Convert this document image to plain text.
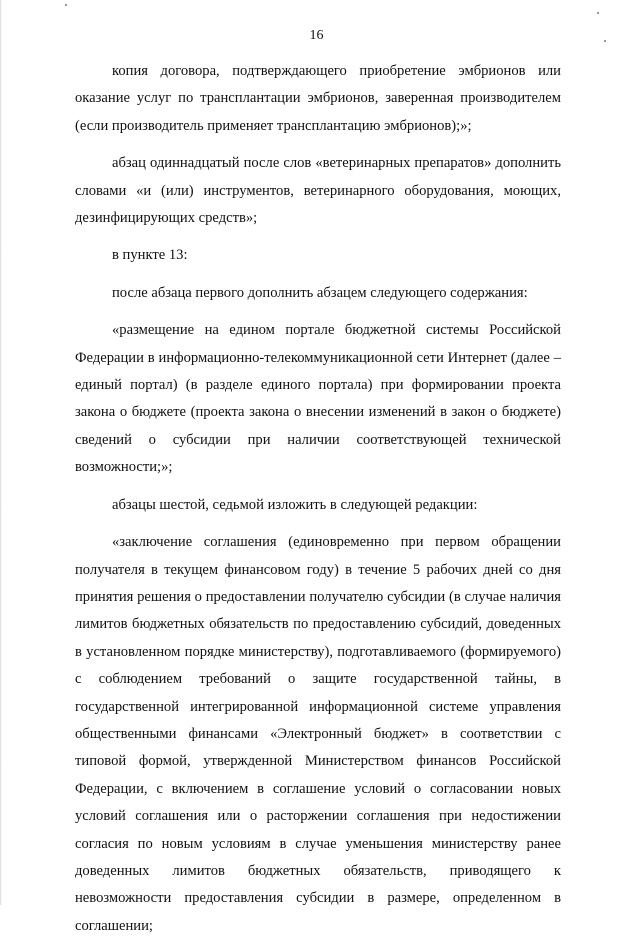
16

копия договора, подтверждающего приобретение эмбрионов или оказание услуг по трансплантации эмбрионов, заверенная производителем (если производитель применяет трансплантацию эмбрионов);»;

абзац одиннадцатый после слов «ветеринарных препаратов» дополнить словами «и (или) инструментов, ветеринарного оборудования, моющих, дезинфицирующих средств»;

в пункте 13:

после абзаца первого дополнить абзацем следующего содержания:

«размещение на едином портале бюджетной системы Российской Федерации в информационно-телекоммуникационной сети Интернет (далее – единый портал) (в разделе единого портала) при формировании проекта закона о бюджете (проекта закона о внесении изменений в закон о бюджете) сведений о субсидии при наличии соответствующей технической возможности;»;

абзацы шестой, седьмой изложить в следующей редакции:

«заключение соглашения (единовременно при первом обращении получателя в текущем финансовом году) в течение 5 рабочих дней со дня принятия решения о предоставлении получателю субсидии (в случае наличия лимитов бюджетных обязательств по предоставлению субсидий, доведенных в установленном порядке министерству), подготавливаемого (формируемого) с соблюдением требований о защите государственной тайны, в государственной интегрированной информационной системе управления общественными финансами «Электронный бюджет» в соответствии с типовой формой, утвержденной Министерством финансов Российской Федерации, с включением в соглашение условий о согласовании новых условий соглашения или о расторжении соглашения при недостижении согласия по новым условиям в случае уменьшения министерству ранее доведенных лимитов бюджетных обязательств, приводящего к невозможности предоставления субсидии в размере, определенном в соглашении;
